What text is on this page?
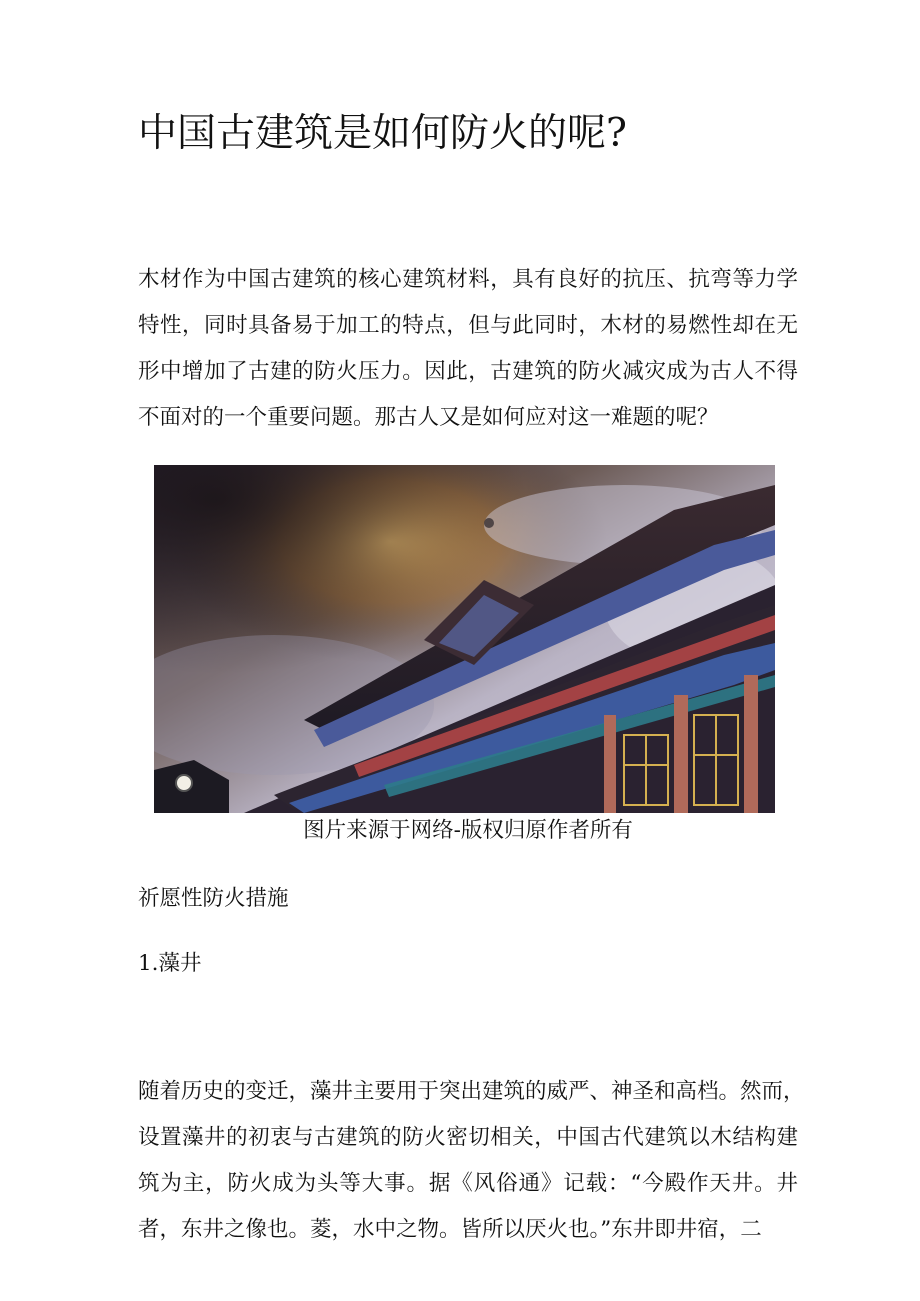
中国古建筑是如何防火的呢?

木材作为中国古建筑的核心建筑材料，具有良好的抗压、抗弯等力学
特性，同时具备易于加工的特点，但与此同时，木材的易燃性却在无
形中增加了古建的防火压力。因此，古建筑的防火减灾成为古人不得
不面对的一个重要问题。那古人又是如何应对这一难题的呢？

图片来源于网络-版权归原作者所有

祈愿性防火措施
1.藻井

随着历史的变迁，藻井主要用于突出建筑的威严、神圣和高档。然而，
设置藻井的初衷与古建筑的防火密切相关，中国古代建筑以木结构建
筑为主，防火成为头等大事。据《风俗通》记载：“今殿作天井。井
者，东井之像也。菱，水中之物。皆所以厌火也。”东井即井宿，二
